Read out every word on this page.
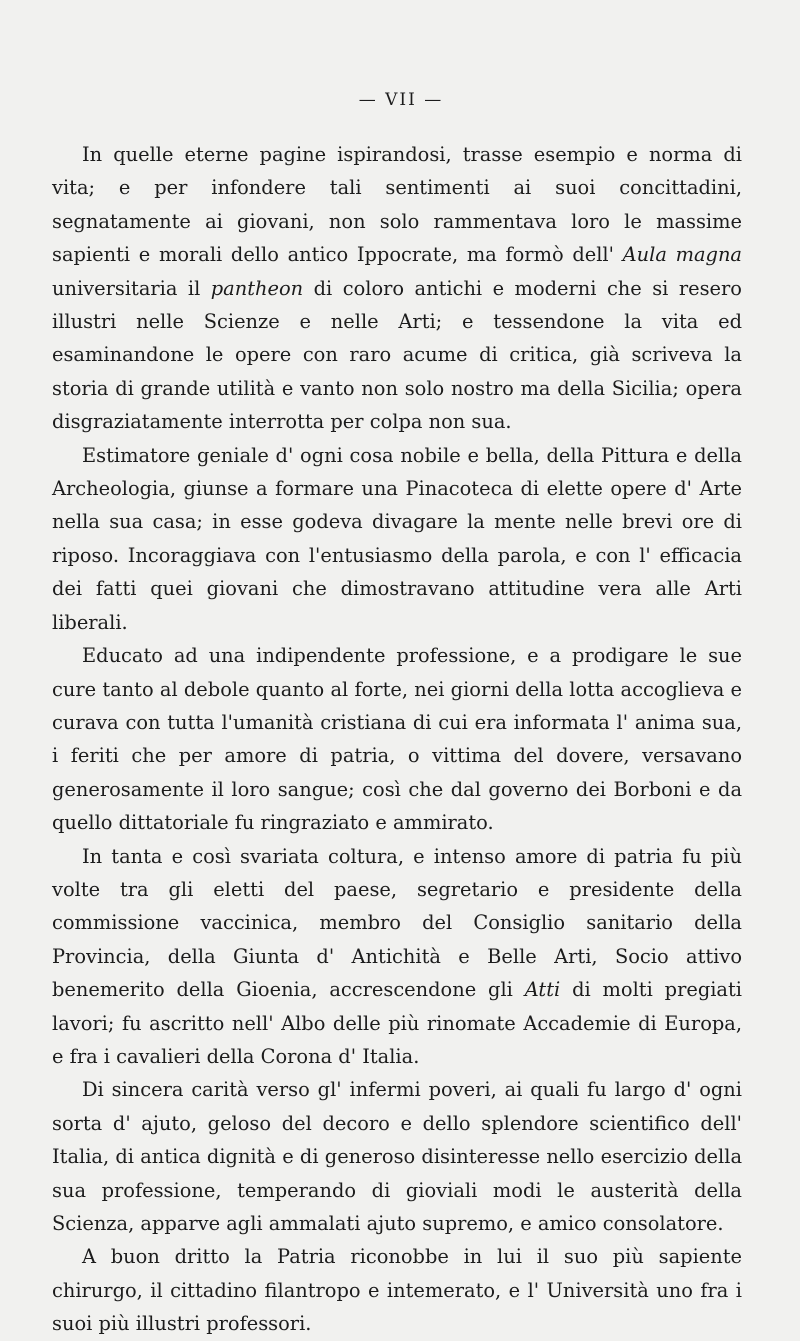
— VII —

In quelle eterne pagine ispirandosi, trasse esempio e norma di vita; e per infondere tali sentimenti ai suoi concittadini, segnatamente ai giovani, non solo rammentava loro le massime sapienti e morali dello antico Ippocrate, ma formò dell' Aula magna universitaria il pantheon di coloro antichi e moderni che si resero illustri nelle Scienze e nelle Arti; e tessendone la vita ed esaminandone le opere con raro acume di critica, già scriveva la storia di grande utilità e vanto non solo nostro ma della Sicilia; opera disgraziatamente interrotta per colpa non sua.

Estimatore geniale d' ogni cosa nobile e bella, della Pittura e della Archeologia, giunse a formare una Pinacoteca di elette opere d' Arte nella sua casa; in esse godeva divagare la mente nelle brevi ore di riposo. Incoraggiava con l'entusiasmo della parola, e con l' efficacia dei fatti quei giovani che dimostravano attitudine vera alle Arti liberali.

Educato ad una indipendente professione, e a prodigare le sue cure tanto al debole quanto al forte, nei giorni della lotta accoglieva e curava con tutta l'umanità cristiana di cui era informata l' anima sua, i feriti che per amore di patria, o vittima del dovere, versavano generosamente il loro sangue; così che dal governo dei Borboni e da quello dittatoriale fu ringraziato e ammirato.

In tanta e così svariata coltura, e intenso amore di patria fu più volte tra gli eletti del paese, segretario e presidente della commissione vaccinica, membro del Consiglio sanitario della Provincia, della Giunta d' Antichità e Belle Arti, Socio attivo benemerito della Gioenia, accrescendone gli Atti di molti pregiati lavori; fu ascritto nell' Albo delle più rinomate Accademie di Europa, e fra i cavalieri della Corona d' Italia.

Di sincera carità verso gl' infermi poveri, ai quali fu largo d' ogni sorta d' ajuto, geloso del decoro e dello splendore scientifico dell' Italia, di antica dignità e di generoso disinteresse nello esercizio della sua professione, temperando di gioviali modi le austerità della Scienza, apparve agli ammalati ajuto supremo, e amico consolatore.

A buon dritto la Patria riconobbe in lui il suo più sapiente chirurgo, il cittadino filantropo e intemerato, e l' Università uno fra i suoi più illustri professori.
